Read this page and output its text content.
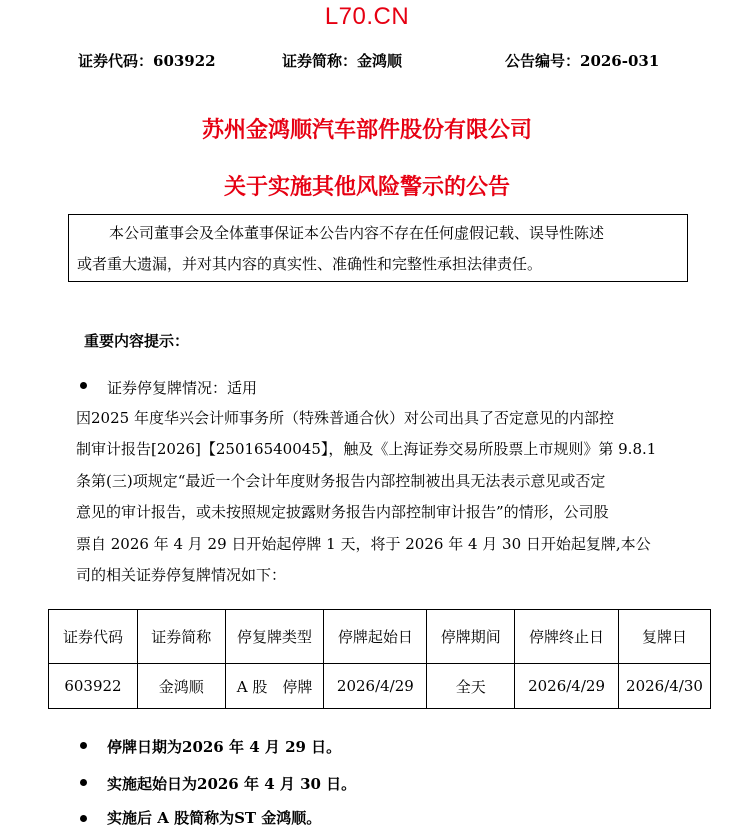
L70.CN
证券代码：603922	证券简称：金鸿顺	公告编号：2026-031
苏州金鸿顺汽车部件股份有限公司
关于实施其他风险警示的公告

本公司董事会及全体董事保证本公告内容不存在任何虚假记载、误导性陈述

或者重大遗漏，并对其内容的真实性、准确性和完整性承担法律责任。
重要内容提示：
证券停复牌情况：适用
因2025 年度华兴会计师事务所（特殊普通合伙）对公司出具了否定意见的内部控
制审计报告[2026]【25016540045】，触及《上海证券交易所股票上市规则》第 9.8.1
条第(三)项规定“最近一个会计年度财务报告内部控制被出具无法表示意见或否定
意见的审计报告，或未按照规定披露财务报告内部控制审计报告”的情形，公司股
票自 2026 年 4 月 29 日开始起停牌 1 天，将于 2026 年 4 月 30 日开始起复牌,本公
司的相关证券停复牌情况如下：
证券代码	证券简称	停复牌类型	停牌起始日	停牌期间	停牌终止日	复牌日
603922	金鸿顺	A 股　停牌	2026/4/29	全天	2026/4/29	2026/4/30
停牌日期为2026 年 4 月 29 日。
实施起始日为2026 年 4 月 30 日。
实施后 A 股简称为ST 金鸿顺。
